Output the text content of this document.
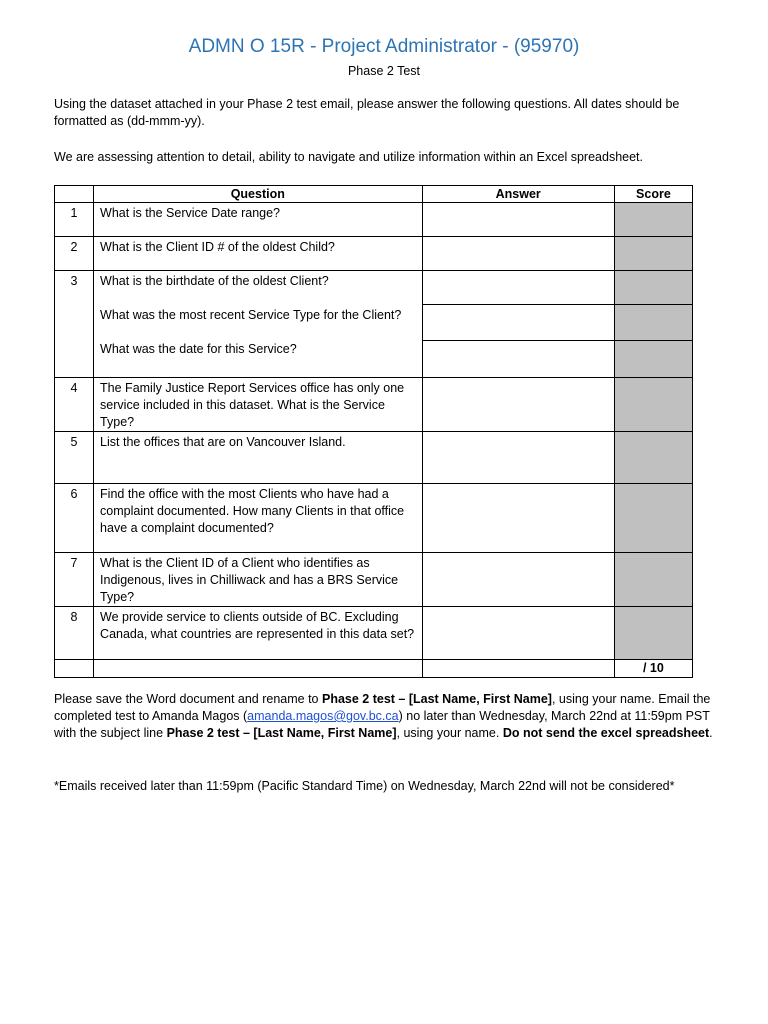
ADMN O 15R - Project Administrator - (95970)
Phase 2 Test
Using the dataset attached in your Phase 2 test email, please answer the following questions. All dates should be formatted as (dd-mmm-yy).
We are assessing attention to detail, ability to navigate and utilize information within an Excel spreadsheet.
	Question	Answer	Score
1	What is the Service Date range?		
2	What is the Client ID # of the oldest Child?		
3	What is the birthdate of the oldest Client?
What was the most recent Service Type for the Client?
What was the date for this Service?		

4	The Family Justice Report Services office has only one service included in this dataset. What is the Service Type?		
5	List the offices that are on Vancouver Island.		
6	Find the office with the most Clients who have had a complaint documented. How many Clients in that office have a complaint documented?		
7	What is the Client ID of a Client who identifies as Indigenous, lives in Chilliwack and has a BRS Service Type?		
8	We provide service to clients outside of BC. Excluding Canada, what countries are represented in this data set?		
			/ 10
Please save the Word document and rename to Phase 2 test – [Last Name, First Name], using your name. Email the completed test to Amanda Magos (amanda.magos@gov.bc.ca) no later than Wednesday, March 22nd at 11:59pm PST with the subject line Phase 2 test – [Last Name, First Name], using your name. Do not send the excel spreadsheet.
*Emails received later than 11:59pm (Pacific Standard Time) on Wednesday, March 22nd will not be considered*
